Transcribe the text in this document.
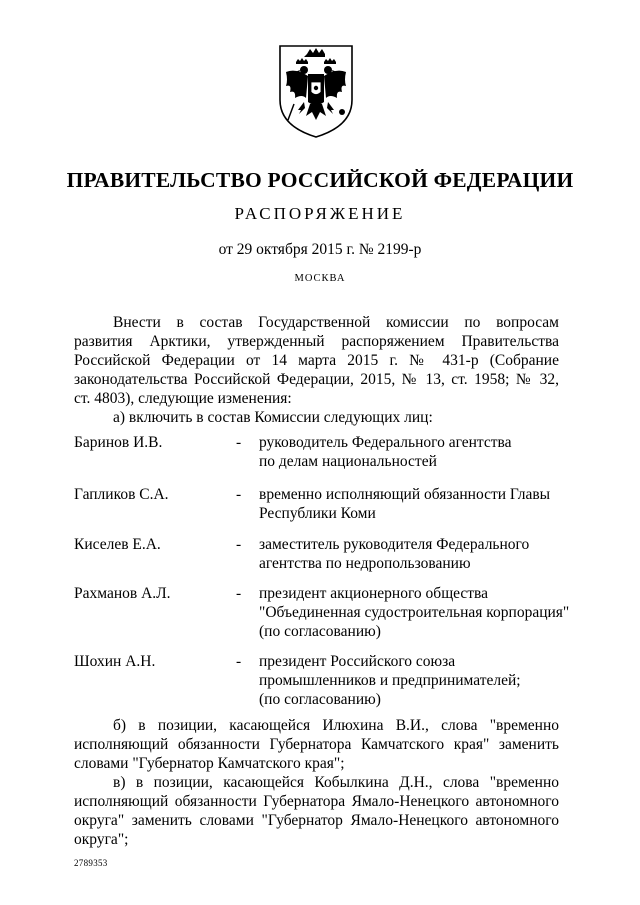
ПРАВИТЕЛЬСТВО РОССИЙСКОЙ ФЕДЕРАЦИИ
РАСПОРЯЖЕНИЕ
от 29 октября 2015 г. № 2199-р
МОСКВА
Внести в состав Государственной комиссии по вопросам
развития Арктики, утвержденный распоряжением Правительства
Российской Федерации от 14 марта 2015 г. № 431-р (Собрание
законодательства Российской Федерации, 2015, № 13, ст. 1958; № 32,
ст. 4803), следующие изменения:
а) включить в состав Комиссии следующих лиц:
Баринов И.В.	- руководитель Федерального агентства
по делам национальностей
Гапликов С.А.	- временно исполняющий обязанности Главы
Республики Коми
Киселев Е.А.	- заместитель руководителя Федерального
агентства по недропользованию
Рахманов А.Л.	- президент акционерного общества
"Объединенная судостроительная корпорация"
(по согласованию)
Шохин А.Н.	- президент Российского союза
промышленников и предпринимателей;
(по согласованию)
б) в позиции, касающейся Илюхина В.И., слова "временно
исполняющий обязанности Губернатора Камчатского края" заменить
словами "Губернатор Камчатского края";
в) в позиции, касающейся Кобылкина Д.Н., слова "временно
исполняющий обязанности Губернатора Ямало-Ненецкого автономного
округа" заменить словами "Губернатор Ямало-Ненецкого автономного
округа";
2789353
